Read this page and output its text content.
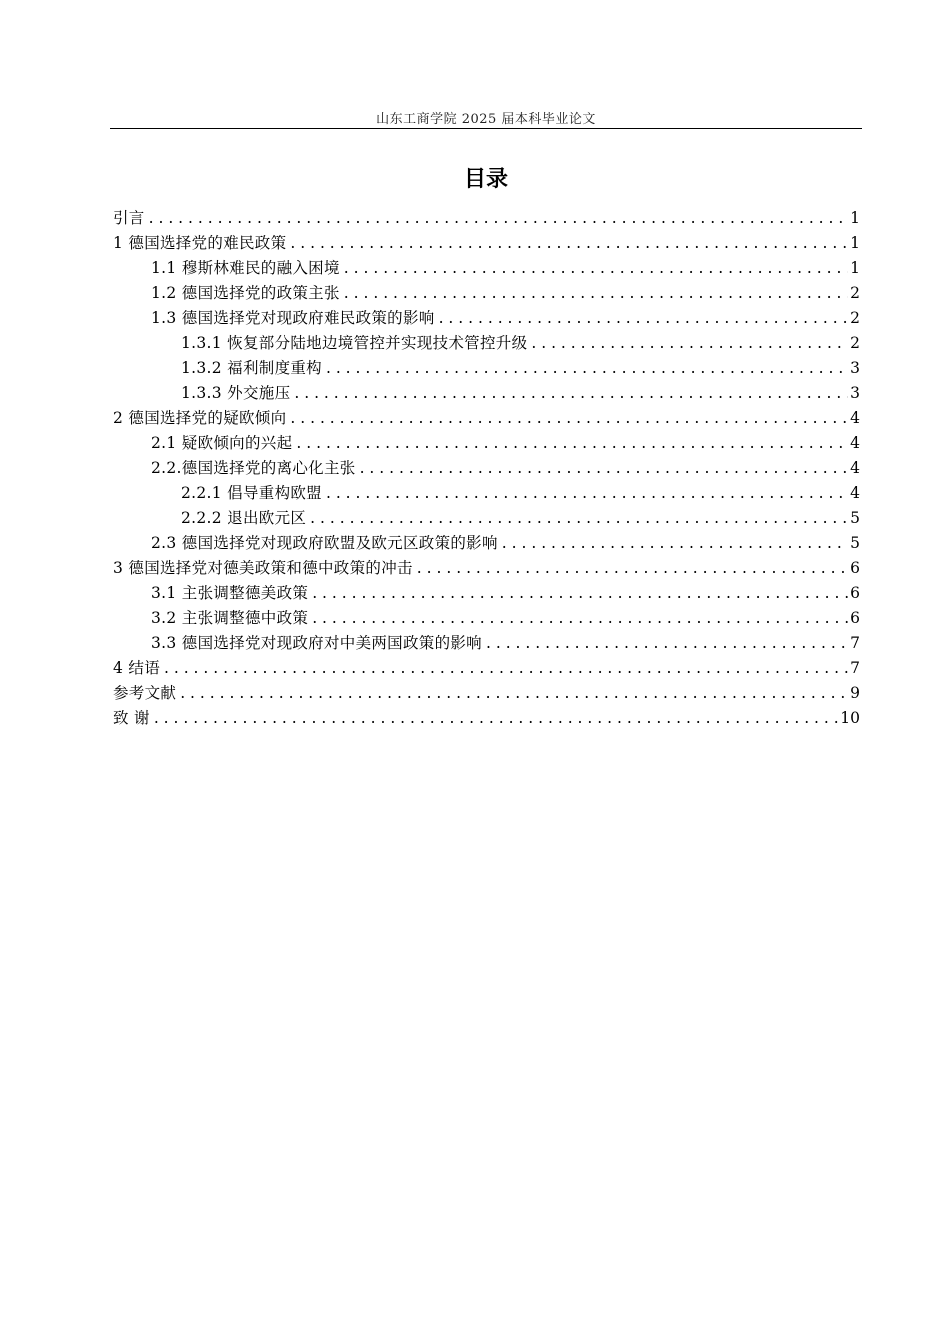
山东工商学院 2025 届本科毕业论文
目录
引言 . . .	1
1 德国选择党的难民政策 . . .	1
1.1 穆斯林难民的融入困境 . . .	1
1.2 德国选择党的政策主张 . . .	2
1.3 德国选择党对现政府难民政策的影响 . . .	2
1.3.1 恢复部分陆地边境管控并实现技术管控升级 . . .	2
1.3.2 福利制度重构 . . .	3
1.3.3 外交施压 . . .	3
2 德国选择党的疑欧倾向 . . .	4
2.1 疑欧倾向的兴起 . . .	4
2.2.德国选择党的离心化主张 . . .	4
2.2.1 倡导重构欧盟 . . .	4
2.2.2 退出欧元区 . . .	5
2.3 德国选择党对现政府欧盟及欧元区政策的影响 . . .	5
3 德国选择党对德美政策和德中政策的冲击 . . .	6
3.1 主张调整德美政策 . . .	6
3.2 主张调整德中政策 . . .	6
3.3 德国选择党对现政府对中美两国政策的影响 . . .	7
4 结语 . . .	7
参考文献 . . .	9
致 谢 . . .	10
